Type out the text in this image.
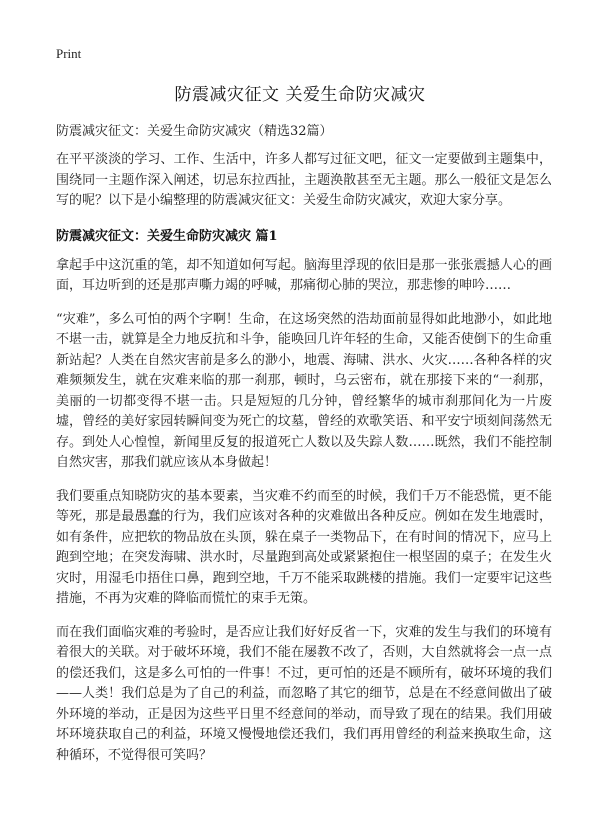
Print
防震减灾征文 关爱生命防灾减灾
防震减灾征文：关爱生命防灾减灾（精选32篇）

在平平淡淡的学习、工作、生活中，许多人都写过征文吧，征文一定要做到主题集中，围绕同一主题作深入阐述，切忌东拉西扯，主题涣散甚至无主题。那么一般征文是怎么写的呢？以下是小编整理的防震减灾征文：关爱生命防灾减灾，欢迎大家分享。

防震减灾征文：关爱生命防灾减灾 篇1

拿起手中这沉重的笔，却不知道如何写起。脑海里浮现的依旧是那一张张震撼人心的画面，耳边听到的还是那声嘶力竭的呼喊，那痛彻心肺的哭泣，那悲惨的呻吟……

“灾难”，多么可怕的两个字啊！生命，在这场突然的浩劫面前显得如此地渺小，如此地不堪一击，就算是全力地反抗和斗争，能唤回几许年轻的生命，又能否使倒下的生命重新站起？人类在自然灾害前是多么的渺小，地震、海啸、洪水、火灾……各种各样的灾难频频发生，就在灾难来临的那一刹那，顿时，乌云密布，就在那接下来的“一刹那，美丽的一切都变得不堪一击。只是短短的几分钟，曾经繁华的城市刹那间化为一片废墟，曾经的美好家园转瞬间变为死亡的坟墓，曾经的欢歌笑语、和平安宁顷刻间荡然无存。到处人心惶惶，新闻里反复的报道死亡人数以及失踪人数……既然，我们不能控制自然灾害，那我们就应该从本身做起！

我们要重点知晓防灾的基本要素，当灾难不约而至的时候，我们千万不能恐慌，更不能等死，那是最愚蠢的行为，我们应该对各种的灾难做出各种反应。例如在发生地震时，如有条件，应把软的物品放在头顶，躲在桌子一类物品下，在有时间的情况下，应马上跑到空地；在突发海啸、洪水时，尽量跑到高处或紧紧抱住一根坚固的桌子；在发生火灾时，用湿毛巾捂住口鼻，跑到空地，千万不能采取跳楼的措施。我们一定要牢记这些措施，不再为灾难的降临而慌忙的束手无策。

而在我们面临灾难的考验时，是否应让我们好好反省一下，灾难的发生与我们的环境有着很大的关联。对于破坏环境，我们不能在屡教不改了，否则，大自然就将会一点一点的偿还我们，这是多么可怕的一件事！不过，更可怕的还是不顾所有，破坏环境的我们——人类！我们总是为了自己的利益，而忽略了其它的细节，总是在不经意间做出了破外环境的举动，正是因为这些平日里不经意间的举动，而导致了现在的结果。我们用破坏环境获取自己的利益，环境又慢慢地偿还我们，我们再用曾经的利益来换取生命，这种循环，不觉得很可笑吗？
